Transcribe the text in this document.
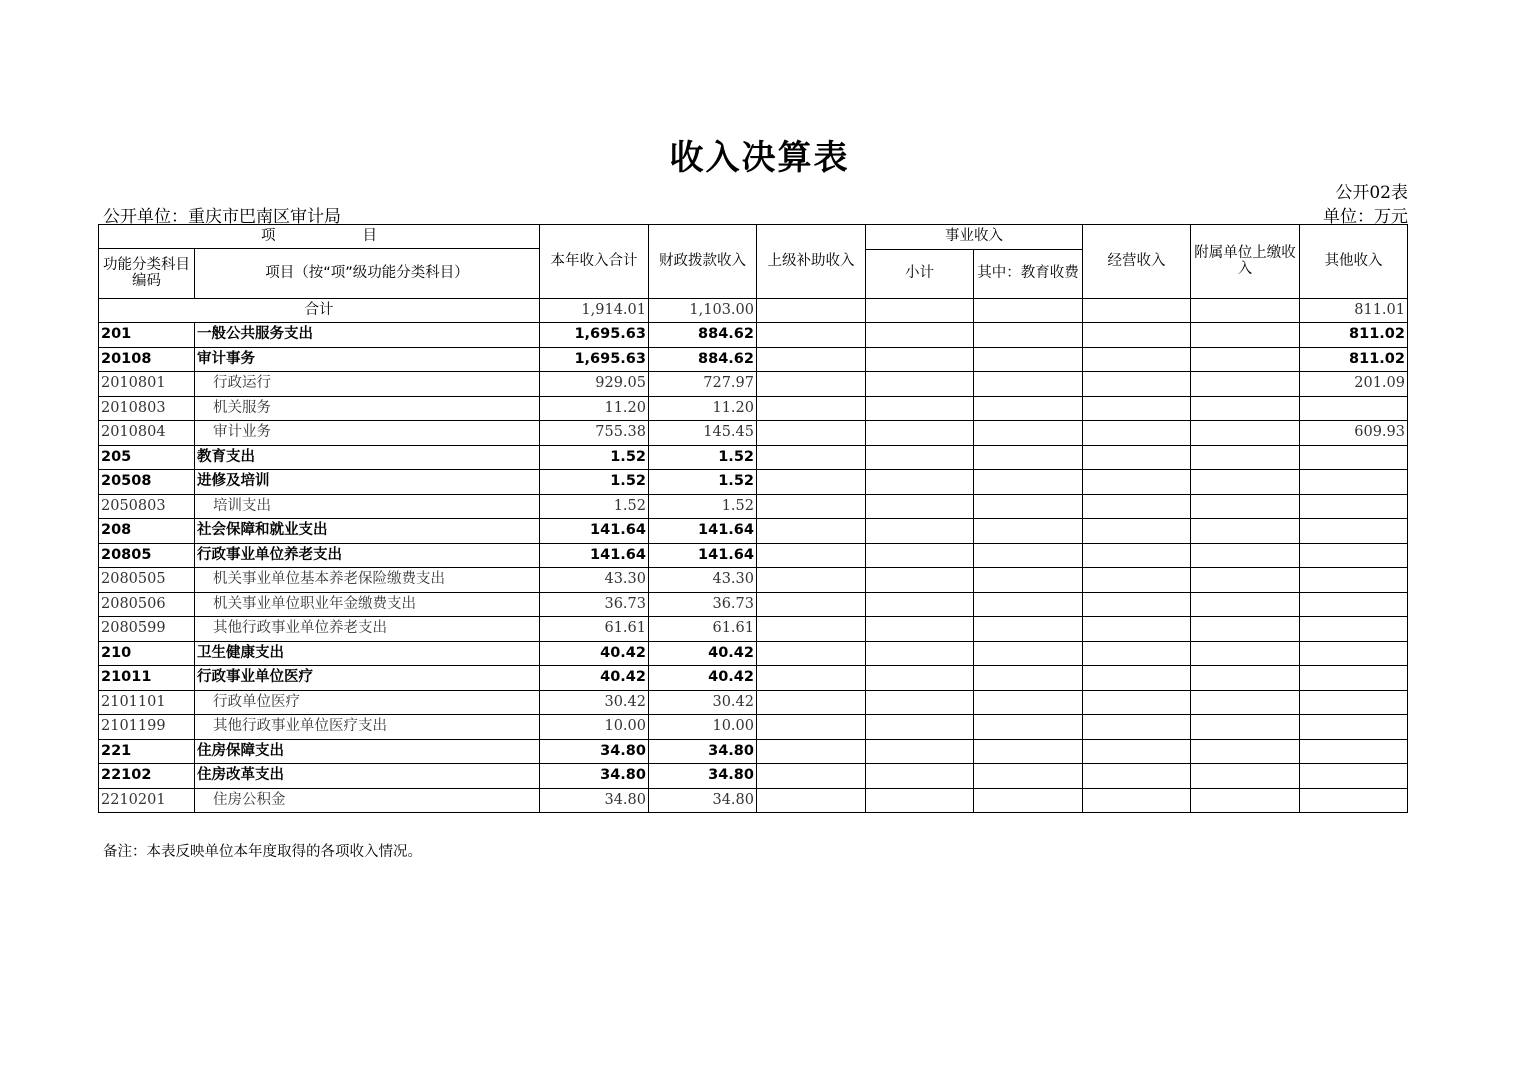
收入决算表
公开02表
公开单位：重庆市巴南区审计局	单位：万元
项　　　　　　目		本年收入合计	财政拨款收入	上级补助收入	事业收入		经营收入	附属单位上缴收入	其他收入
功能分类科目编码	项目（按“项”级功能分类科目）								
					小计	其中：教育收费			
合计		1,914.01	1,103.00						811.01
201	一般公共服务支出	1,695.63	884.62						811.02
20108	审计事务	1,695.63	884.62						811.02
2010801	行政运行	929.05	727.97						201.09
2010803	机关服务	11.20	11.20						
2010804	审计业务	755.38	145.45						609.93
205	教育支出	1.52	1.52						
20508	进修及培训	1.52	1.52						
2050803	培训支出	1.52	1.52						
208	社会保障和就业支出	141.64	141.64						
20805	行政事业单位养老支出	141.64	141.64						
2080505	机关事业单位基本养老保险缴费支出	43.30	43.30						
2080506	机关事业单位职业年金缴费支出	36.73	36.73						
2080599	其他行政事业单位养老支出	61.61	61.61						
210	卫生健康支出	40.42	40.42						
21011	行政事业单位医疗	40.42	40.42						
2101101	行政单位医疗	30.42	30.42						
2101199	其他行政事业单位医疗支出	10.00	10.00						
221	住房保障支出	34.80	34.80						
22102	住房改革支出	34.80	34.80						
2210201	住房公积金	34.80	34.80						
备注：本表反映单位本年度取得的各项收入情况。
